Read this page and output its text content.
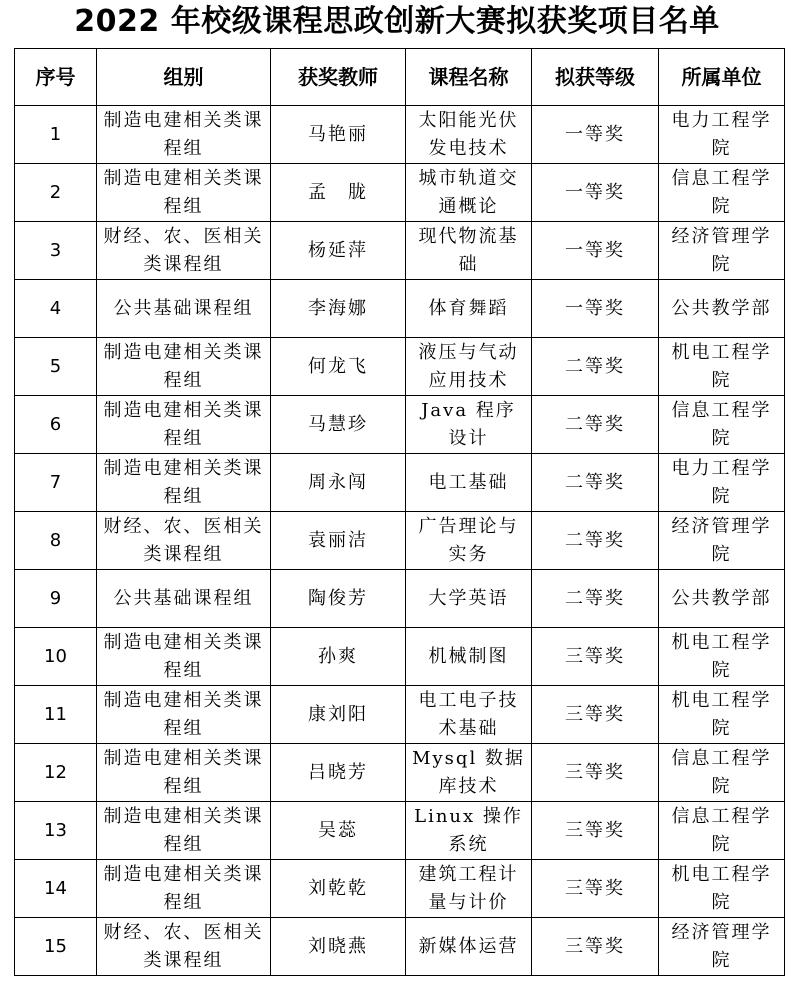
2022 年校级课程思政创新大赛拟获奖项目名单
序号	组别	获奖教师	课程名称	拟获等级	所属单位
1	制造电建相关类课程组	马艳丽	太阳能光伏发电技术	一等奖	电力工程学院
2	制造电建相关类课程组	孟　胧	城市轨道交通概论	一等奖	信息工程学院
3	财经、农、医相关类课程组	杨延萍	现代物流基础	一等奖	经济管理学院
4	公共基础课程组	李海娜	体育舞蹈	一等奖	公共教学部
5	制造电建相关类课程组	何龙飞	液压与气动应用技术	二等奖	机电工程学院
6	制造电建相关类课程组	马慧珍	Java 程序设计	二等奖	信息工程学院
7	制造电建相关类课程组	周永闯	电工基础	二等奖	电力工程学院
8	财经、农、医相关类课程组	袁丽洁	广告理论与实务	二等奖	经济管理学院
9	公共基础课程组	陶俊芳	大学英语	二等奖	公共教学部
10	制造电建相关类课程组	孙爽	机械制图	三等奖	机电工程学院
11	制造电建相关类课程组	康刘阳	电工电子技术基础	三等奖	机电工程学院
12	制造电建相关类课程组	吕晓芳	Mysql 数据库技术	三等奖	信息工程学院
13	制造电建相关类课程组	吴蕊	Linux 操作系统	三等奖	信息工程学院
14	制造电建相关类课程组	刘乾乾	建筑工程计量与计价	三等奖	机电工程学院
15	财经、农、医相关类课程组	刘晓燕	新媒体运营	三等奖	经济管理学院
